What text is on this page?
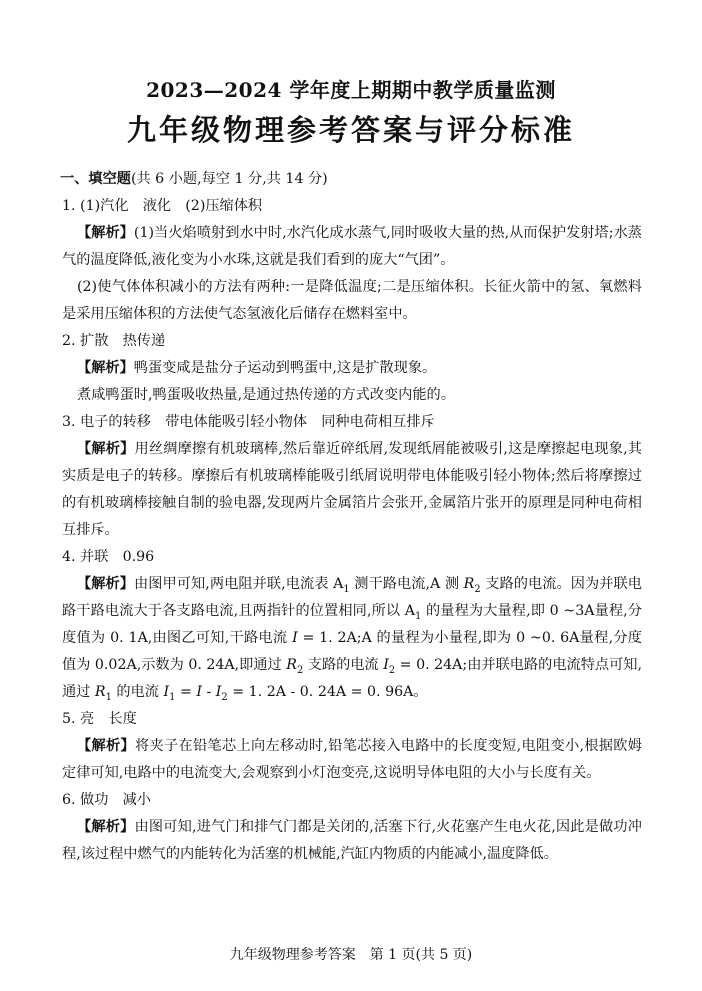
2023—2024 学年度上期期中教学质量监测
九年级物理参考答案与评分标准
一、填空题(共 6 小题,每空 1 分,共 14 分)
1. (1)汽化　液化　(2)压缩体积
【解析】(1)当火焰喷射到水中时,水汽化成水蒸气,同时吸收大量的热,从而保护发射塔;水蒸气的温度降低,液化变为小水珠,这就是我们看到的庞大“气团”。
(2)使气体体积减小的方法有两种:一是降低温度;二是压缩体积。长征火箭中的氢、氧燃料是采用压缩体积的方法使气态氢液化后储存在燃料室中。
2. 扩散　热传递
【解析】鸭蛋变咸是盐分子运动到鸭蛋中,这是扩散现象。
煮咸鸭蛋时,鸭蛋吸收热量,是通过热传递的方式改变内能的。
3. 电子的转移　带电体能吸引轻小物体　同种电荷相互排斥
【解析】用丝绸摩擦有机玻璃棒,然后靠近碎纸屑,发现纸屑能被吸引,这是摩擦起电现象,其实质是电子的转移。摩擦后有机玻璃棒能吸引纸屑说明带电体能吸引轻小物体;然后将摩擦过的有机玻璃棒接触自制的验电器,发现两片金属箔片会张开,金属箔片张开的原理是同种电荷相互排斥。
4. 并联　0.96
【解析】由图甲可知,两电阻并联,电流表 $A_1$ 测干路电流,A 测 $R_2$ 支路的电流。因为并联电路干路电流大于各支路电流,且两指针的位置相同,所以 $A_1$ 的量程为大量程,即 0 ~3A量程,分度值为 0. 1A,由图乙可知,干路电流 I = 1. 2A;A 的量程为小量程,即为 0 ~0. 6A量程,分度值为 0.02A,示数为 0. 24A,即通过 $R_2$ 支路的电流 $I_2 = 0$. 24A;由并联电路的电流特点可知,通过 $R_1$ 的电流 $I_1 = I - I_2 = 1$. 2A - 0. 24A = 0. 96A。
5. 亮　长度
【解析】将夹子在铅笔芯上向左移动时,铅笔芯接入电路中的长度变短,电阻变小,根据欧姆定律可知,电路中的电流变大,会观察到小灯泡变亮,这说明导体电阻的大小与长度有关。
6. 做功　减小
【解析】由图可知,进气门和排气门都是关闭的,活塞下行,火花塞产生电火花,因此是做功冲程,该过程中燃气的内能转化为活塞的机械能,汽缸内物质的内能减小,温度降低。
九年级物理参考答案　第 1 页(共 5 页)
